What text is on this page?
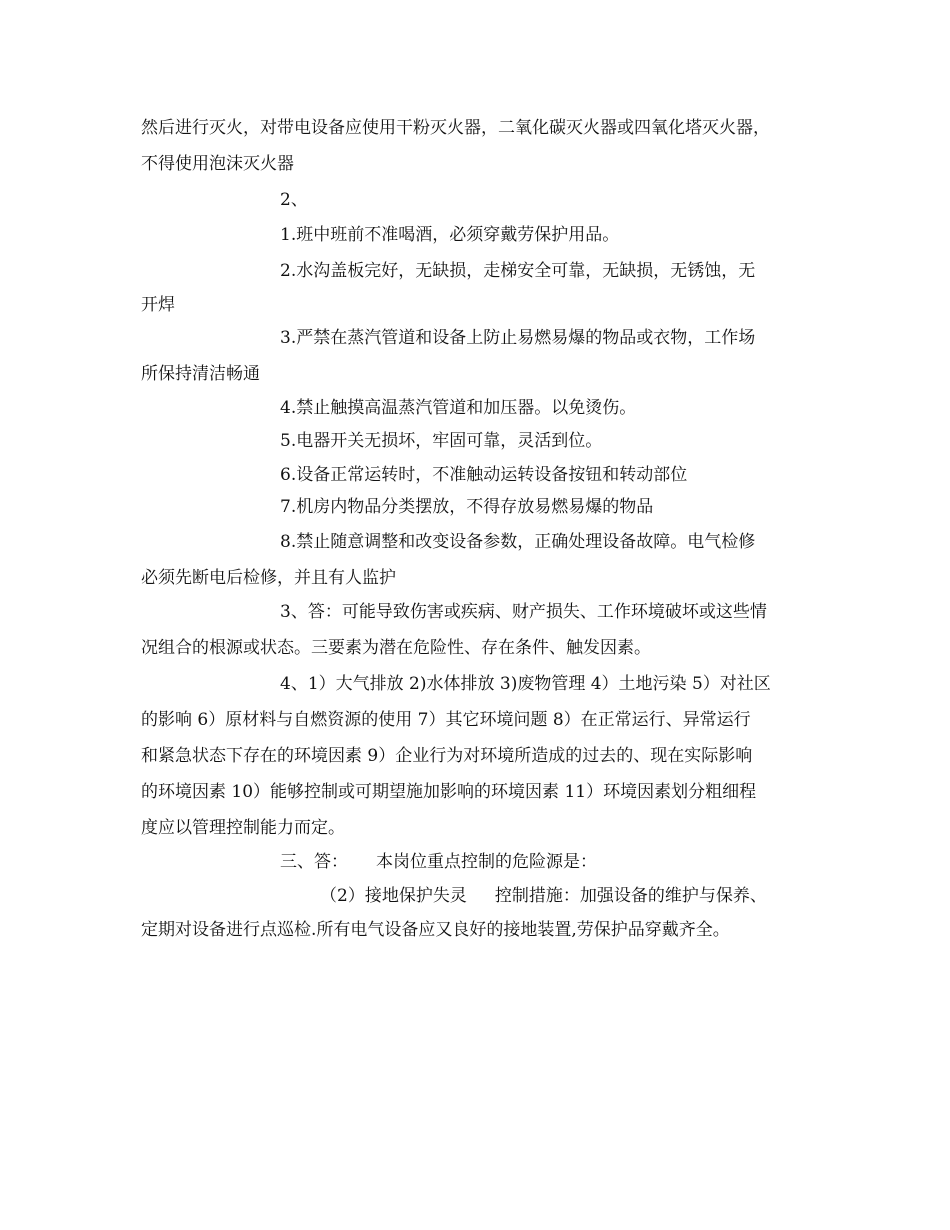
然后进行灭火，对带电设备应使用干粉灭火器，二氧化碳灭火器或四氧化塔灭火器，
不得使用泡沫灭火器
2、
1.班中班前不准喝酒，必须穿戴劳保护用品。
2.水沟盖板完好，无缺损，走梯安全可靠，无缺损，无锈蚀，无
开焊
3.严禁在蒸汽管道和设备上防止易燃易爆的物品或衣物，工作场
所保持清洁畅通
4.禁止触摸高温蒸汽管道和加压器。以免烫伤。
5.电器开关无损坏，牢固可靠，灵活到位。
6.设备正常运转时，不准触动运转设备按钮和转动部位
7.机房内物品分类摆放，不得存放易燃易爆的物品
8.禁止随意调整和改变设备参数，正确处理设备故障。电气检修
必须先断电后检修，并且有人监护
3、答：可能导致伤害或疾病、财产损失、工作环境破坏或这些情
况组合的根源或状态。三要素为潜在危险性、存在条件、触发因素。
4、1）大气排放 2)水体排放 3)废物管理 4）土地污染 5）对社区
的影响 6）原材料与自燃资源的使用 7）其它环境问题 8）在正常运行、异常运行
和紧急状态下存在的环境因素 9）企业行为对环境所造成的过去的、现在实际影响
的环境因素 10）能够控制或可期望施加影响的环境因素 11）环境因素划分粗细程
度应以管理控制能力而定。
三、答： 本岗位重点控制的危险源是：
（2）接地保护失灵 控制措施：加强设备的维护与保养、
定期对设备进行点巡检.所有电气设备应又良好的接地装置,劳保护品穿戴齐全。
